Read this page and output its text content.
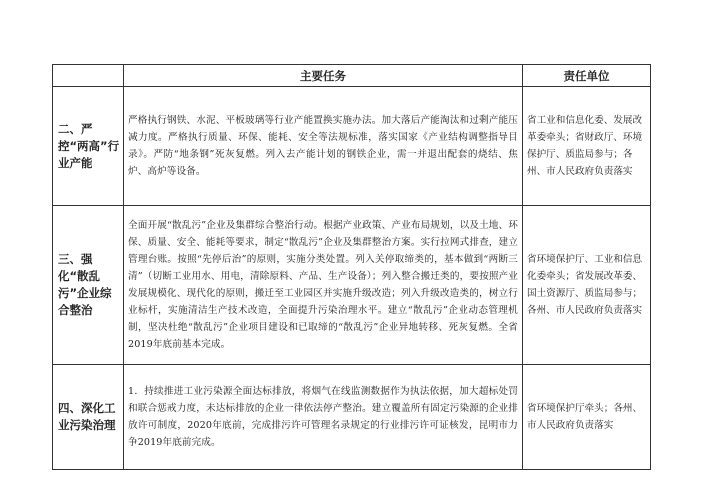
	主要任务	责任单位
二、严控“两高”行业产能	严格执行钢铁、水泥、平板玻璃等行业产能置换实施办法。加大落后产能淘汰和过剩产能压减力度。严格执行质量、环保、能耗、安全等法规标准，落实国家《产业结构调整指导目录》。严防“地条钢”死灰复燃。列入去产能计划的钢铁企业，需一并退出配套的烧结、焦炉、高炉等设备。	省工业和信息化委、发展改革委牵头；省财政厅、环境保护厅、质监局参与；各州、市人民政府负责落实
三、强化“散乱污”企业综合整治	全面开展“散乱污”企业及集群综合整治行动。根据产业政策、产业布局规划，以及土地、环保、质量、安全、能耗等要求，制定“散乱污”企业及集群整治方案。实行拉网式排查，建立管理台账。按照“先停后治”的原则，实施分类处置。列入关停取缔类的，基本做到“两断三清”（切断工业用水、用电，清除原料、产品、生产设备）；列入整合搬迁类的，要按照产业发展规模化、现代化的原则，搬迁至工业园区并实施升级改造；列入升级改造类的，树立行业标杆，实施清洁生产技术改造，全面提升污染治理水平。建立“散乱污”企业动态管理机制，坚决杜绝“散乱污”企业项目建设和已取缔的“散乱污”企业异地转移、死灰复燃。全省2019年底前基本完成。	省环境保护厅、工业和信息化委牵头；省发展改革委、国土资源厅、质监局参与；各州、市人民政府负责落实
四、深化工业污染治理	1．持续推进工业污染源全面达标排放，将烟气在线监测数据作为执法依据，加大超标处罚和联合惩戒力度，未达标排放的企业一律依法停产整治。建立覆盖所有固定污染源的企业排放许可制度，2020年底前，完成排污许可管理名录规定的行业排污许可证核发，昆明市力争2019年底前完成。	省环境保护厅牵头；各州、市人民政府负责落实
